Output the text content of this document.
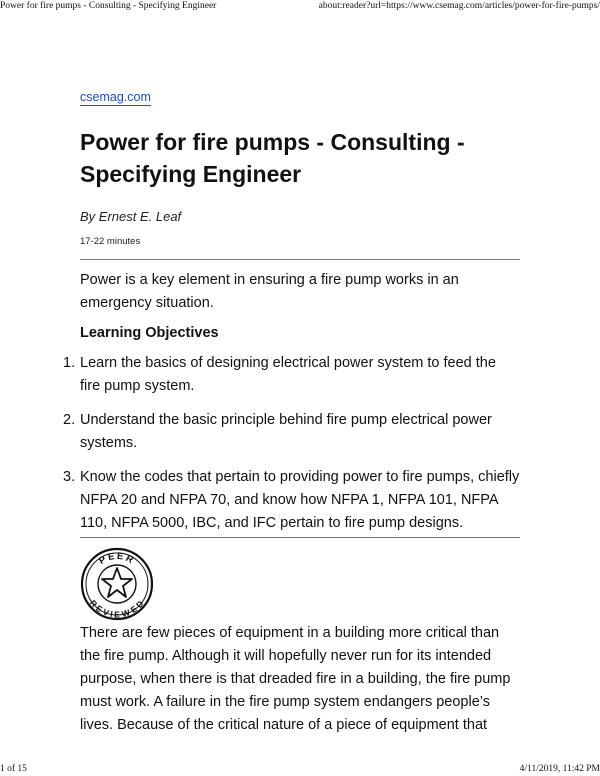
Power for fire pumps - Consulting - Specifying Engineer	about:reader?url=https://www.csemag.com/articles/power-for-fire-pumps/
csemag.com
Power for fire pumps - Consulting - Specifying Engineer
By Ernest E. Leaf
17-22 minutes

Power is a key element in ensuring a fire pump works in an emergency situation.

Learning Objectives
1. Learn the basics of designing electrical power system to feed the fire pump system.
2. Understand the basic principle behind fire pump electrical power systems.
3. Know the codes that pertain to providing power to fire pumps, chiefly NFPA 20 and NFPA 70, and know how NFPA 1, NFPA 101, NFPA 110, NFPA 5000, IBC, and IFC pertain to fire pump designs.
PEER
REVIEWED

There are few pieces of equipment in a building more critical than the fire pump. Although it will hopefully never run for its intended purpose, when there is that dreaded fire in a building, the fire pump must work. A failure in the fire pump system endangers people’s lives. Because of the critical nature of a piece of equipment that

1 of 15	4/11/2019, 11:42 PM
